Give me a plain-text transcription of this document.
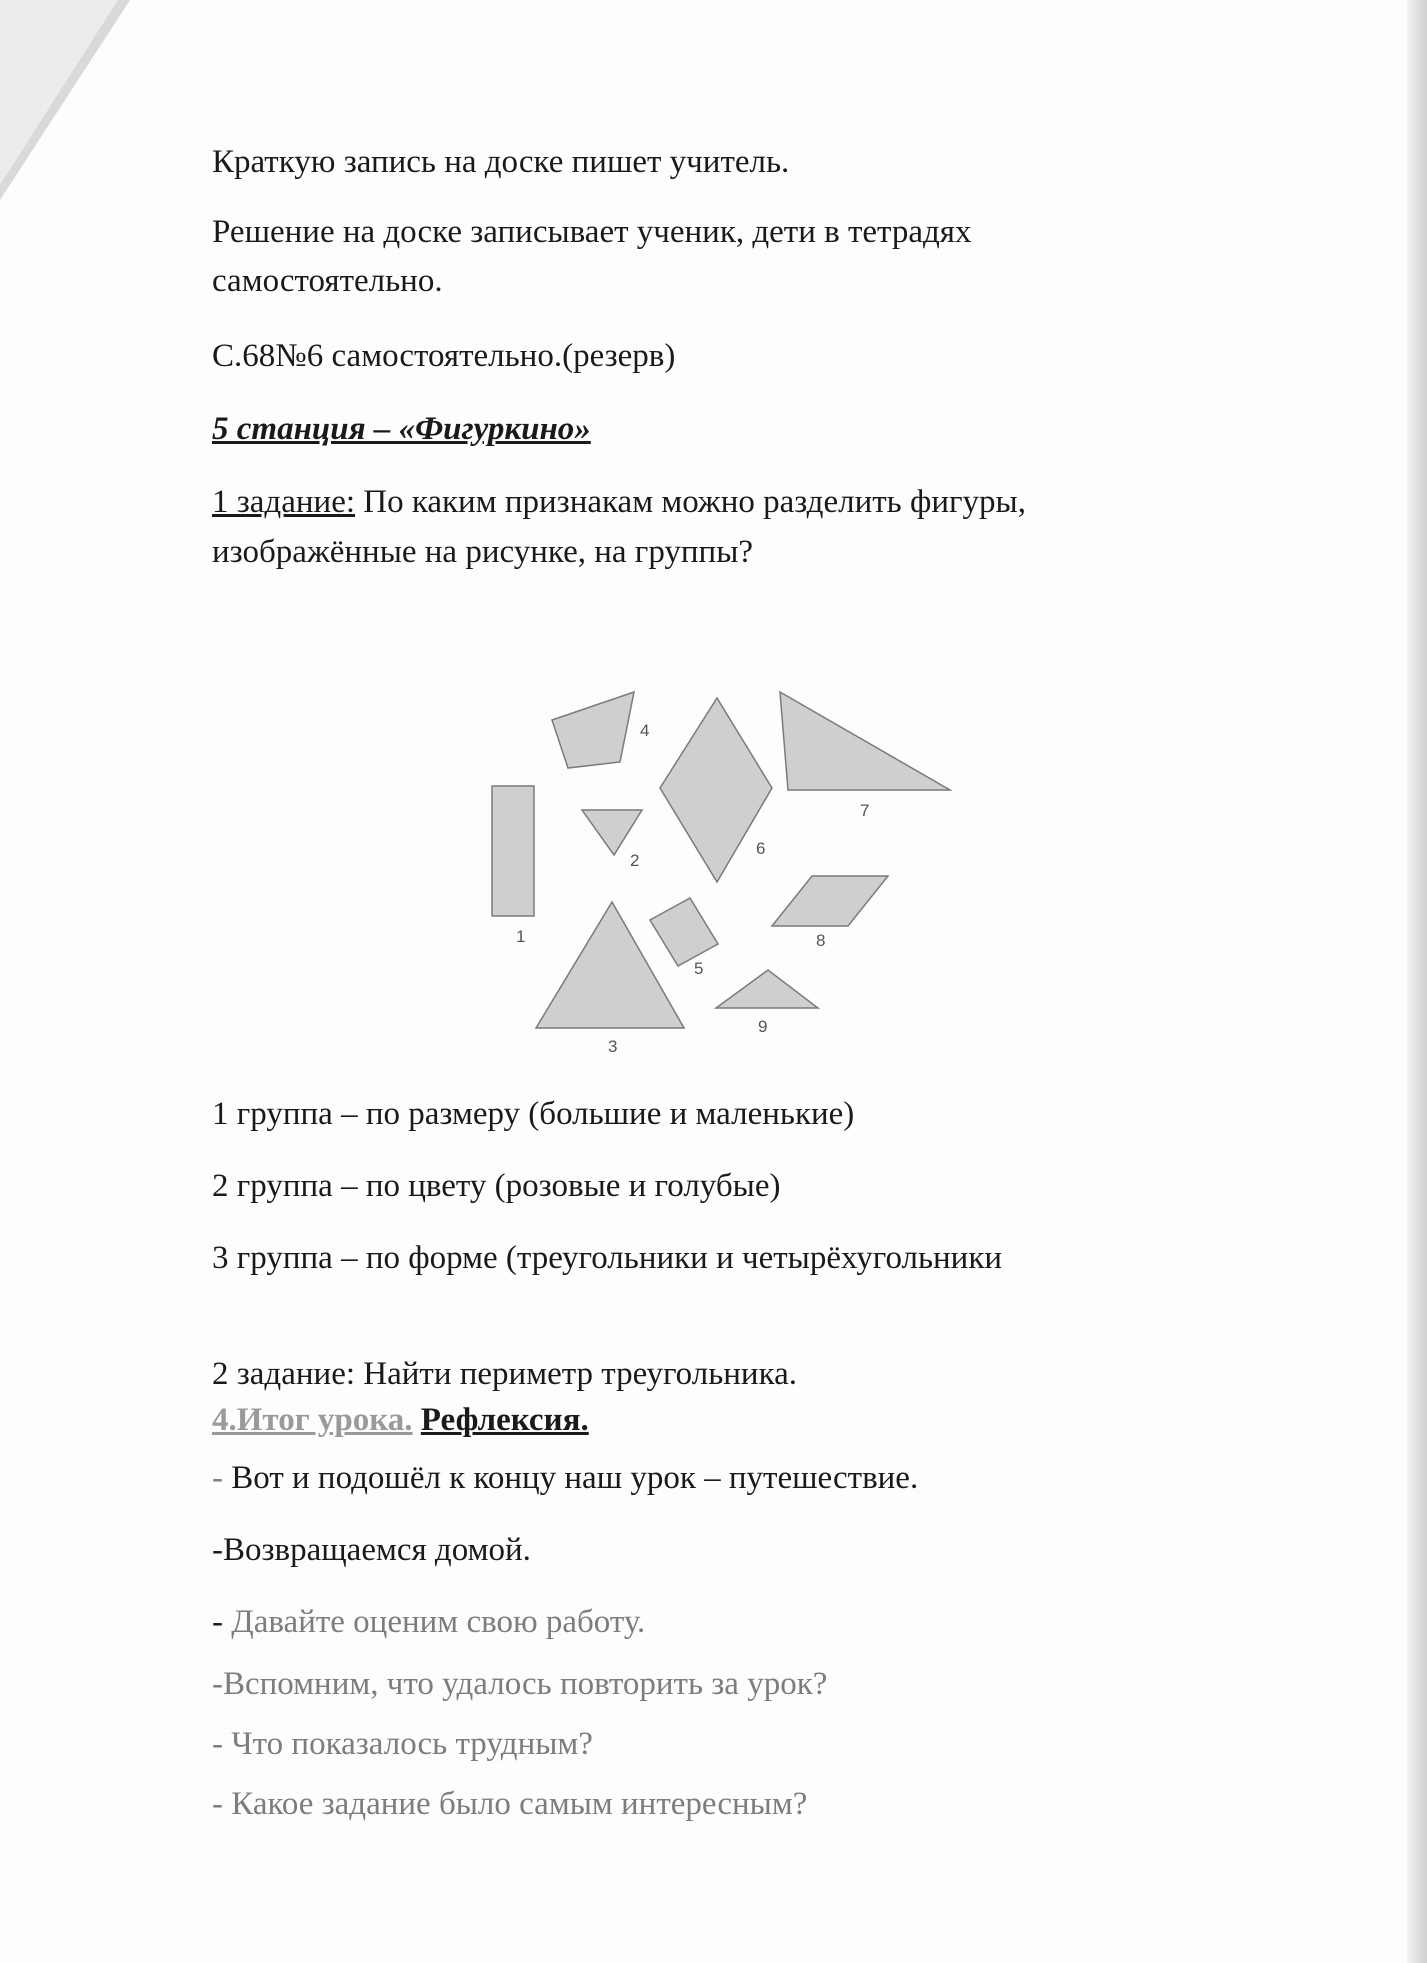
Краткую запись на доске пишет учитель.
Решение на доске записывает ученик, дети в тетрадях
самостоятельно.
С.68№6 самостоятельно.(резерв)
5 станция – «Фигуркино»
1 задание: По каким признакам можно разделить фигуры,
изображённые на рисунке, на группы?
1
2
3
4
5
6
7
8
9
1 группа – по размеру (большие и маленькие)
2 группа – по цвету (розовые и голубые)
3 группа – по форме (треугольники и четырёхугольники
2 задание: Найти периметр треугольника.
4.Итог урока. Рефлексия.
- Вот и подошёл к концу наш урок – путешествие.
-Возвращаемся домой.
- Давайте оценим свою работу.
-Вспомним, что удалось повторить за урок?
- Что показалось трудным?
- Какое задание было самым интересным?
